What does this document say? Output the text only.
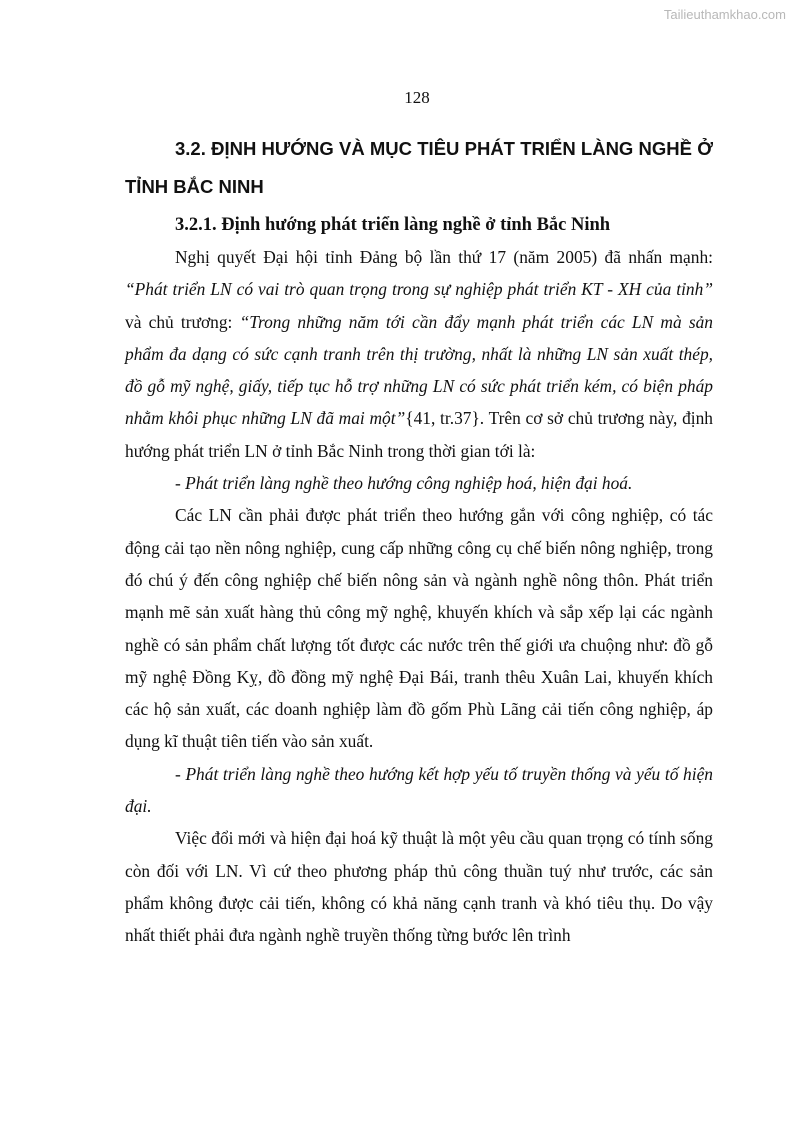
Tailieuthamkhao.com
128
3.2. ĐỊNH HƯỚNG VÀ MỤC TIÊU PHÁT TRIỂN LÀNG NGHỀ Ở TỈNH BẮC NINH
3.2.1. Định hướng phát triển làng nghề ở tỉnh Bắc Ninh

Nghị quyết Đại hội tỉnh Đảng bộ lần thứ 17 (năm 2005) đã nhấn mạnh: “Phát triển LN có vai trò quan trọng trong sự nghiệp phát triển KT - XH của tỉnh” và chủ trương: “Trong những năm tới cần đẩy mạnh phát triển các LN mà sản phẩm đa dạng có sức cạnh tranh trên thị trường, nhất là những LN sản xuất thép, đồ gỗ mỹ nghệ, giấy, tiếp tục hỗ trợ những LN có sức phát triển kém, có biện pháp nhằm khôi phục những LN đã mai một”{41, tr.37}. Trên cơ sở chủ trương này, định hướng phát triển LN ở tỉnh Bắc Ninh trong thời gian tới là:

- Phát triển làng nghề theo hướng công nghiệp hoá, hiện đại hoá.

Các LN cần phải được phát triển theo hướng gắn với công nghiệp, có tác động cải tạo nền nông nghiệp, cung cấp những công cụ chế biến nông nghiệp, trong đó chú ý đến công nghiệp chế biến nông sản và ngành nghề nông thôn. Phát triển mạnh mẽ sản xuất hàng thủ công mỹ nghệ, khuyến khích và sắp xếp lại các ngành nghề có sản phẩm chất lượng tốt được các nước trên thế giới ưa chuộng như: đồ gỗ mỹ nghệ Đồng Kỵ, đồ đồng mỹ nghệ Đại Bái, tranh thêu Xuân Lai, khuyến khích các hộ sản xuất, các doanh nghiệp làm đồ gốm Phù Lãng cải tiến công nghiệp, áp dụng kĩ thuật tiên tiến vào sản xuất.

- Phát triển làng nghề theo hướng kết hợp yếu tố truyền thống và yếu tố hiện đại.

Việc đổi mới và hiện đại hoá kỹ thuật là một yêu cầu quan trọng có tính sống còn đối với LN. Vì cứ theo phương pháp thủ công thuần tuý như trước, các sản phẩm không được cải tiến, không có khả năng cạnh tranh và khó tiêu thụ. Do vậy nhất thiết phải đưa ngành nghề truyền thống từng bước lên trình
